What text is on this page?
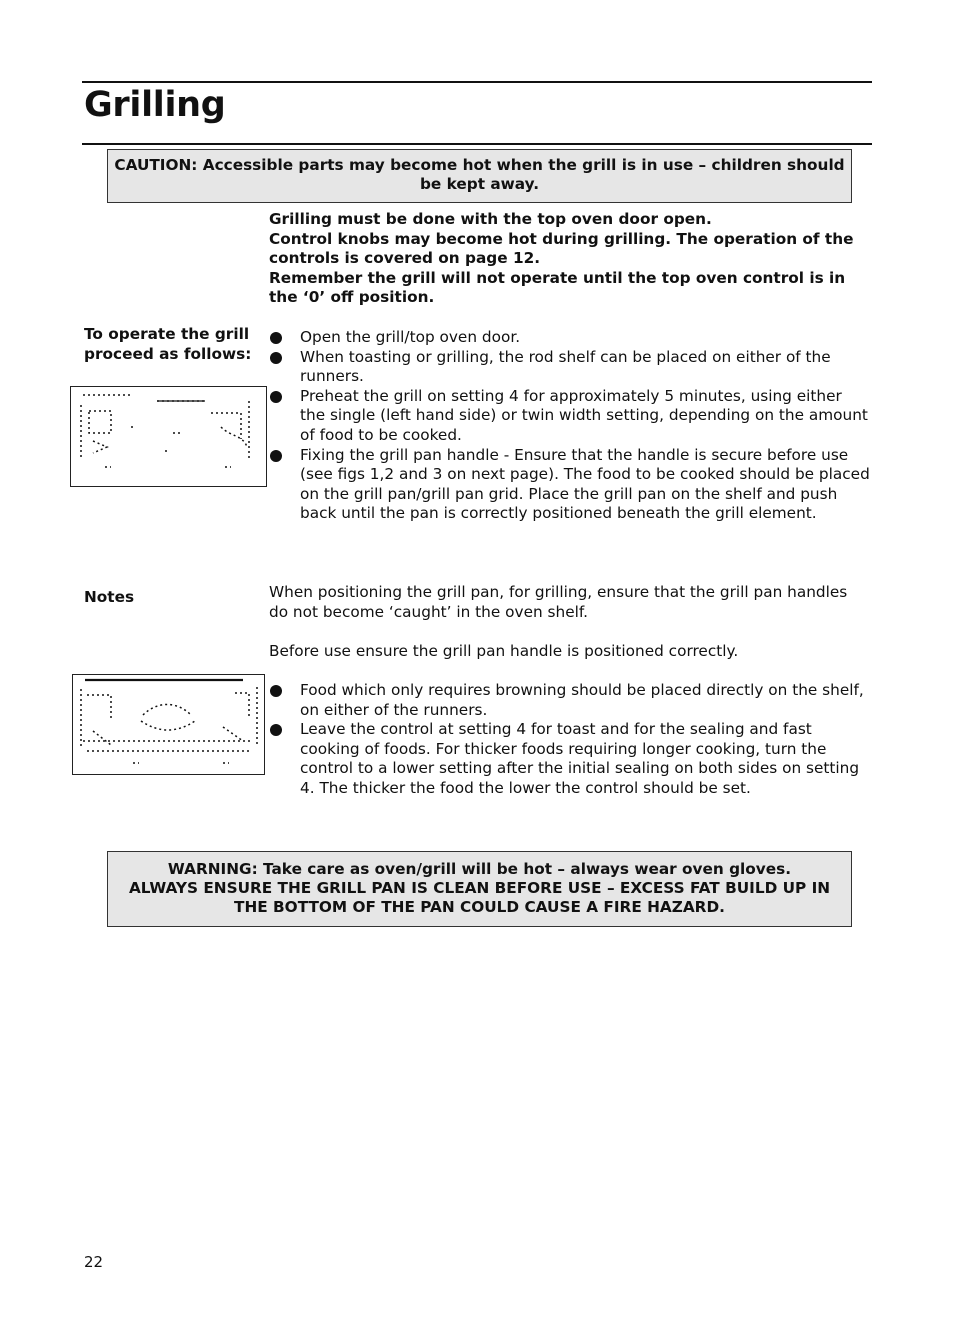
Grilling

CAUTION: Accessible parts may become hot when the grill is in use – children should be kept away.

Grilling must be done with the top oven door open.

Control knobs may become hot during grilling. The operation of the controls is covered on page 12.

Remember the grill will not operate until the top oven control is in the ‘0’ off position.

To operate the grill proceed as follows:
Open the grill/top oven door.
When toasting or grilling, the rod shelf can be placed on either of the runners.
Preheat the grill on setting 4 for approximately 5 minutes, using either the single (left hand side) or twin width setting, depending on the amount of food to be cooked.
Fixing the grill pan handle - Ensure that the handle is secure before use (see figs 1,2 and 3 on next page). The food to be cooked should be placed on the grill pan/grill pan grid. Place the grill pan on the shelf and push back until the pan is correctly positioned beneath the grill element.
Notes	When positioning the grill pan, for grilling, ensure that the grill pan handles do not become ‘caught’ in the oven shelf.

Before use ensure the grill pan handle is positioned correctly.

Food which only requires browning should be placed directly on the shelf, on either of the runners.
Leave the control at setting 4 for toast and for the sealing and fast cooking of foods. For thicker foods requiring longer cooking, turn the control to a lower setting after the initial sealing on both sides on setting 4. The thicker the food the lower the control should be set.

WARNING: Take care as oven/grill will be hot – always wear oven gloves.

ALWAYS ENSURE THE GRILL PAN IS CLEAN BEFORE USE – EXCESS FAT BUILD UP IN THE BOTTOM OF THE PAN COULD CAUSE A FIRE HAZARD.

22
